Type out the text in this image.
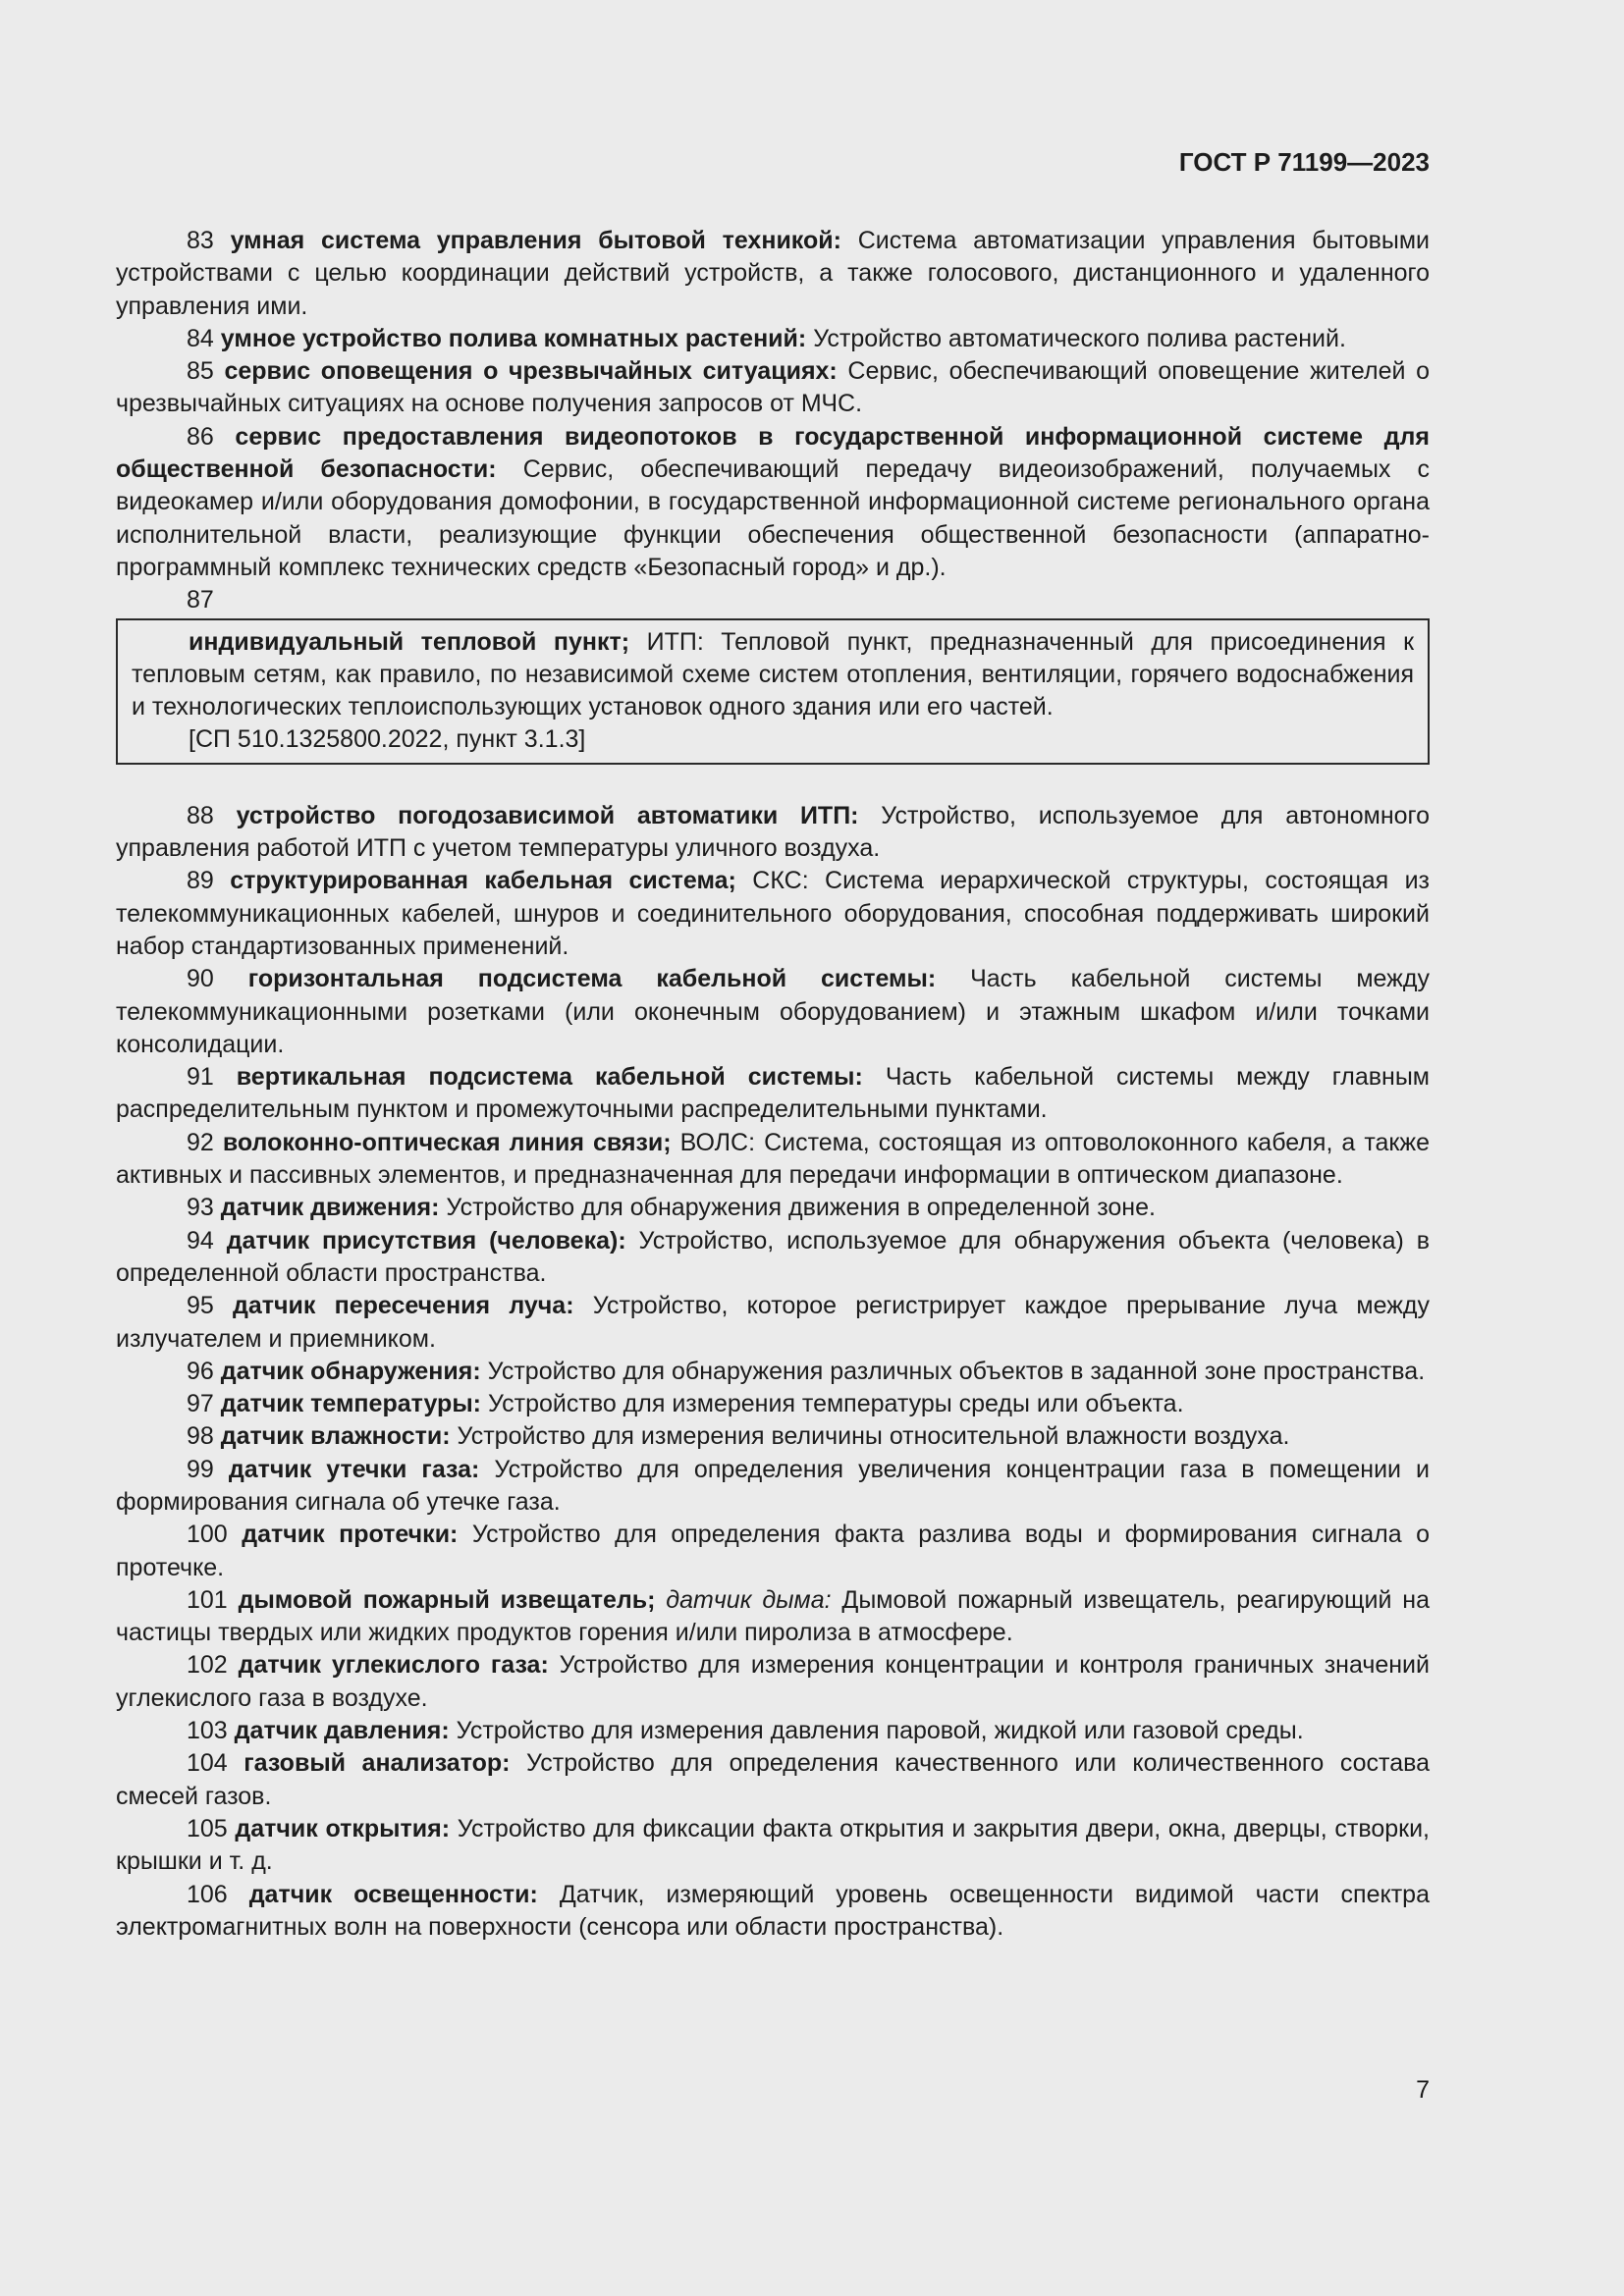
ГОСТ Р 71199—2023

83 умная система управления бытовой техникой: Система автоматизации управления бытовыми устройствами с целью координации действий устройств, а также голосового, дистанционного и удаленного управления ими.

84 умное устройство полива комнатных растений: Устройство автоматического полива растений.

85 сервис оповещения о чрезвычайных ситуациях: Сервис, обеспечивающий оповещение жителей о чрезвычайных ситуациях на основе получения запросов от МЧС.

86 сервис предоставления видеопотоков в государственной информационной системе для общественной безопасности: Сервис, обеспечивающий передачу видеоизображений, получаемых с видеокамер и/или оборудования домофонии, в государственной информационной системе регионального органа исполнительной власти, реализующие функции обеспечения общественной безопасности (аппаратно-программный комплекс технических средств «Безопасный город» и др.).

87

индивидуальный тепловой пункт; ИТП: Тепловой пункт, предназначенный для присоединения к тепловым сетям, как правило, по независимой схеме систем отопления, вентиляции, горячего водоснабжения и технологических теплоиспользующих установок одного здания или его частей.

[СП 510.1325800.2022, пункт 3.1.3]

88 устройство погодозависимой автоматики ИТП: Устройство, используемое для автономного управления работой ИТП с учетом температуры уличного воздуха.

89 структурированная кабельная система; СКС: Система иерархической структуры, состоящая из телекоммуникационных кабелей, шнуров и соединительного оборудования, способная поддерживать широкий набор стандартизованных применений.

90 горизонтальная подсистема кабельной системы: Часть кабельной системы между телекоммуникационными розетками (или оконечным оборудованием) и этажным шкафом и/или точками консолидации.

91 вертикальная подсистема кабельной системы: Часть кабельной системы между главным распределительным пунктом и промежуточными распределительными пунктами.

92 волоконно-оптическая линия связи; ВОЛС: Система, состоящая из оптоволоконного кабеля, а также активных и пассивных элементов, и предназначенная для передачи информации в оптическом диапазоне.

93 датчик движения: Устройство для обнаружения движения в определенной зоне.

94 датчик присутствия (человека): Устройство, используемое для обнаружения объекта (человека) в определенной области пространства.

95 датчик пересечения луча: Устройство, которое регистрирует каждое прерывание луча между излучателем и приемником.

96 датчик обнаружения: Устройство для обнаружения различных объектов в заданной зоне пространства.

97 датчик температуры: Устройство для измерения температуры среды или объекта.

98 датчик влажности: Устройство для измерения величины относительной влажности воздуха.

99 датчик утечки газа: Устройство для определения увеличения концентрации газа в помещении и формирования сигнала об утечке газа.

100 датчик протечки: Устройство для определения факта разлива воды и формирования сигнала о протечке.

101 дымовой пожарный извещатель; датчик дыма: Дымовой пожарный извещатель, реагирующий на частицы твердых или жидких продуктов горения и/или пиролиза в атмосфере.

102 датчик углекислого газа: Устройство для измерения концентрации и контроля граничных значений углекислого газа в воздухе.

103 датчик давления: Устройство для измерения давления паровой, жидкой или газовой среды.

104 газовый анализатор: Устройство для определения качественного или количественного состава смесей газов.

105 датчик открытия: Устройство для фиксации факта открытия и закрытия двери, окна, дверцы, створки, крышки и т. д.

106 датчик освещенности: Датчик, измеряющий уровень освещенности видимой части спектра электромагнитных волн на поверхности (сенсора или области пространства).

7
